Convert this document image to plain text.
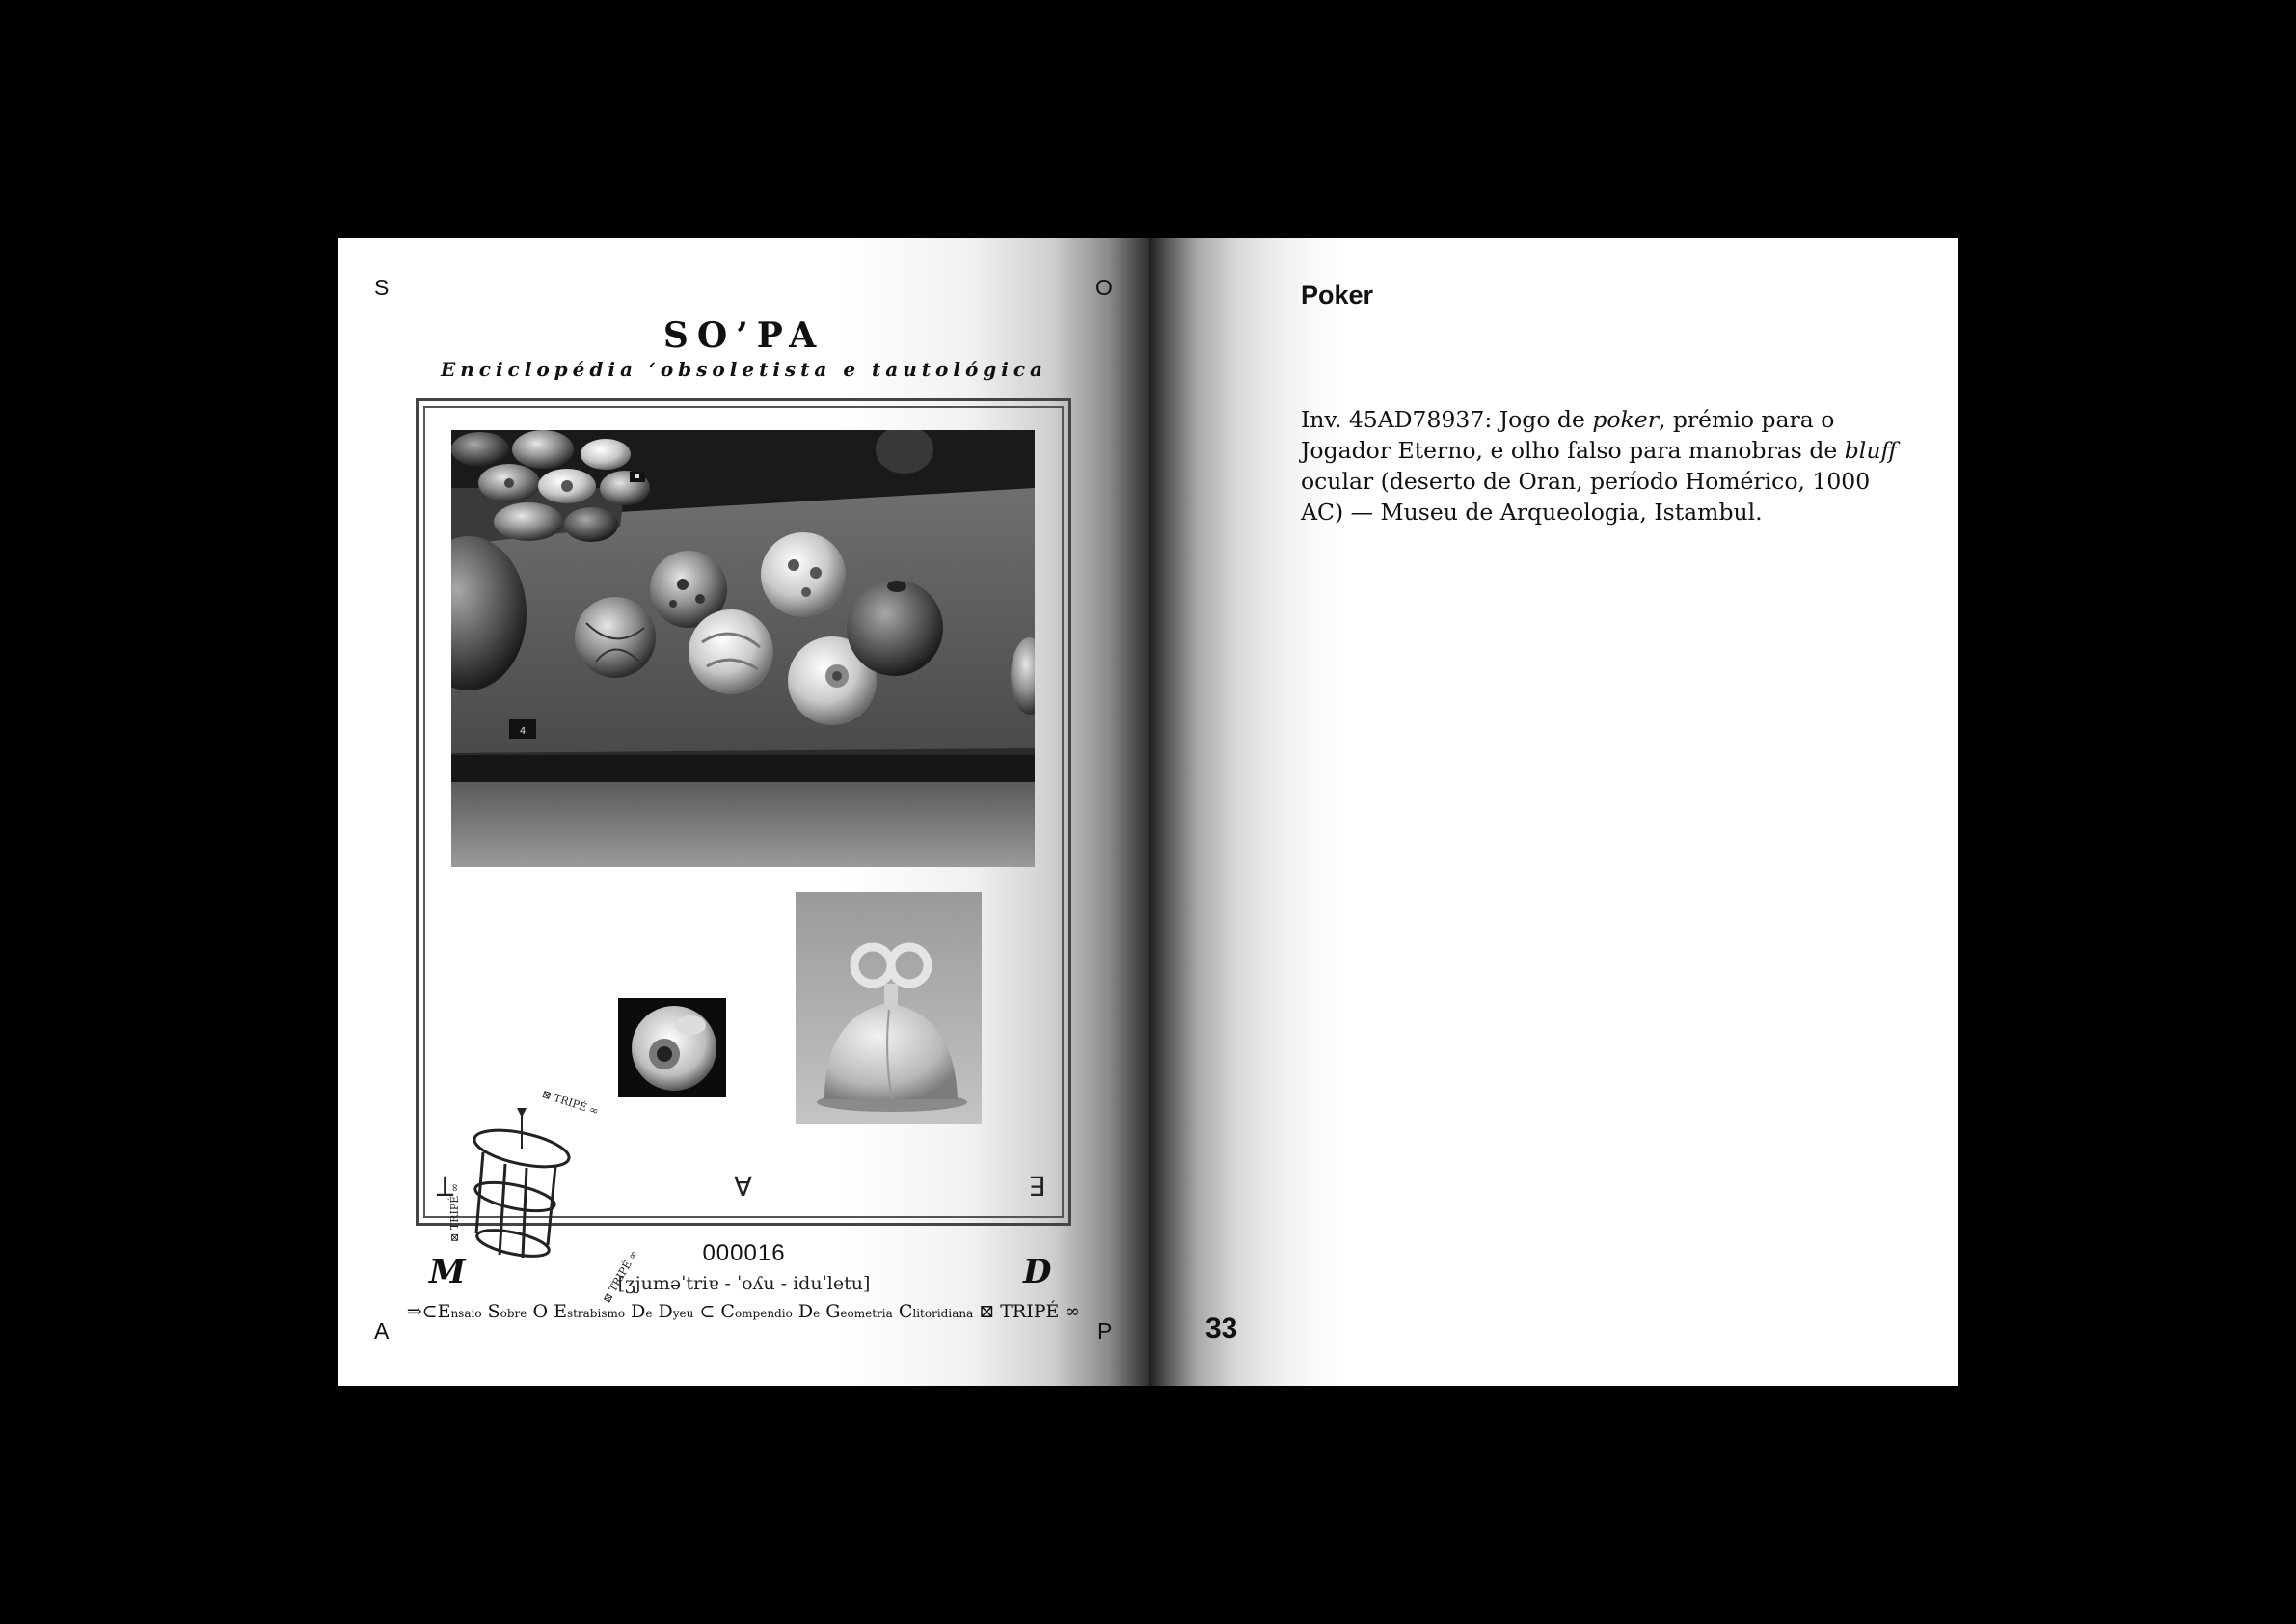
S	O
A	P
SO’PA
Enciclopédia ‘obsoletista e tautológica
4
T	A	E
⊠ TRIPÉ ∞
⊠ TRIPÉ ∞
⊠ TRIPÉ ∞
M	D
000016
[ʒjuməˈtriɐ - ˈoʎu - iduˈletu]
⇒⊂Ensaio Sobre O Estrabismo De Dyeu ⊂ Compendio De Geometria Clitoridiana ⊠ TRIPÉ ∞
Poker
Inv. 45AD78937: Jogo de poker, prémio para o Jogador Eterno, e olho falso para manobras de bluff ocular (deserto de Oran, período Homérico, 1000 AC) — Museu de Arqueologia, Istambul.
33
